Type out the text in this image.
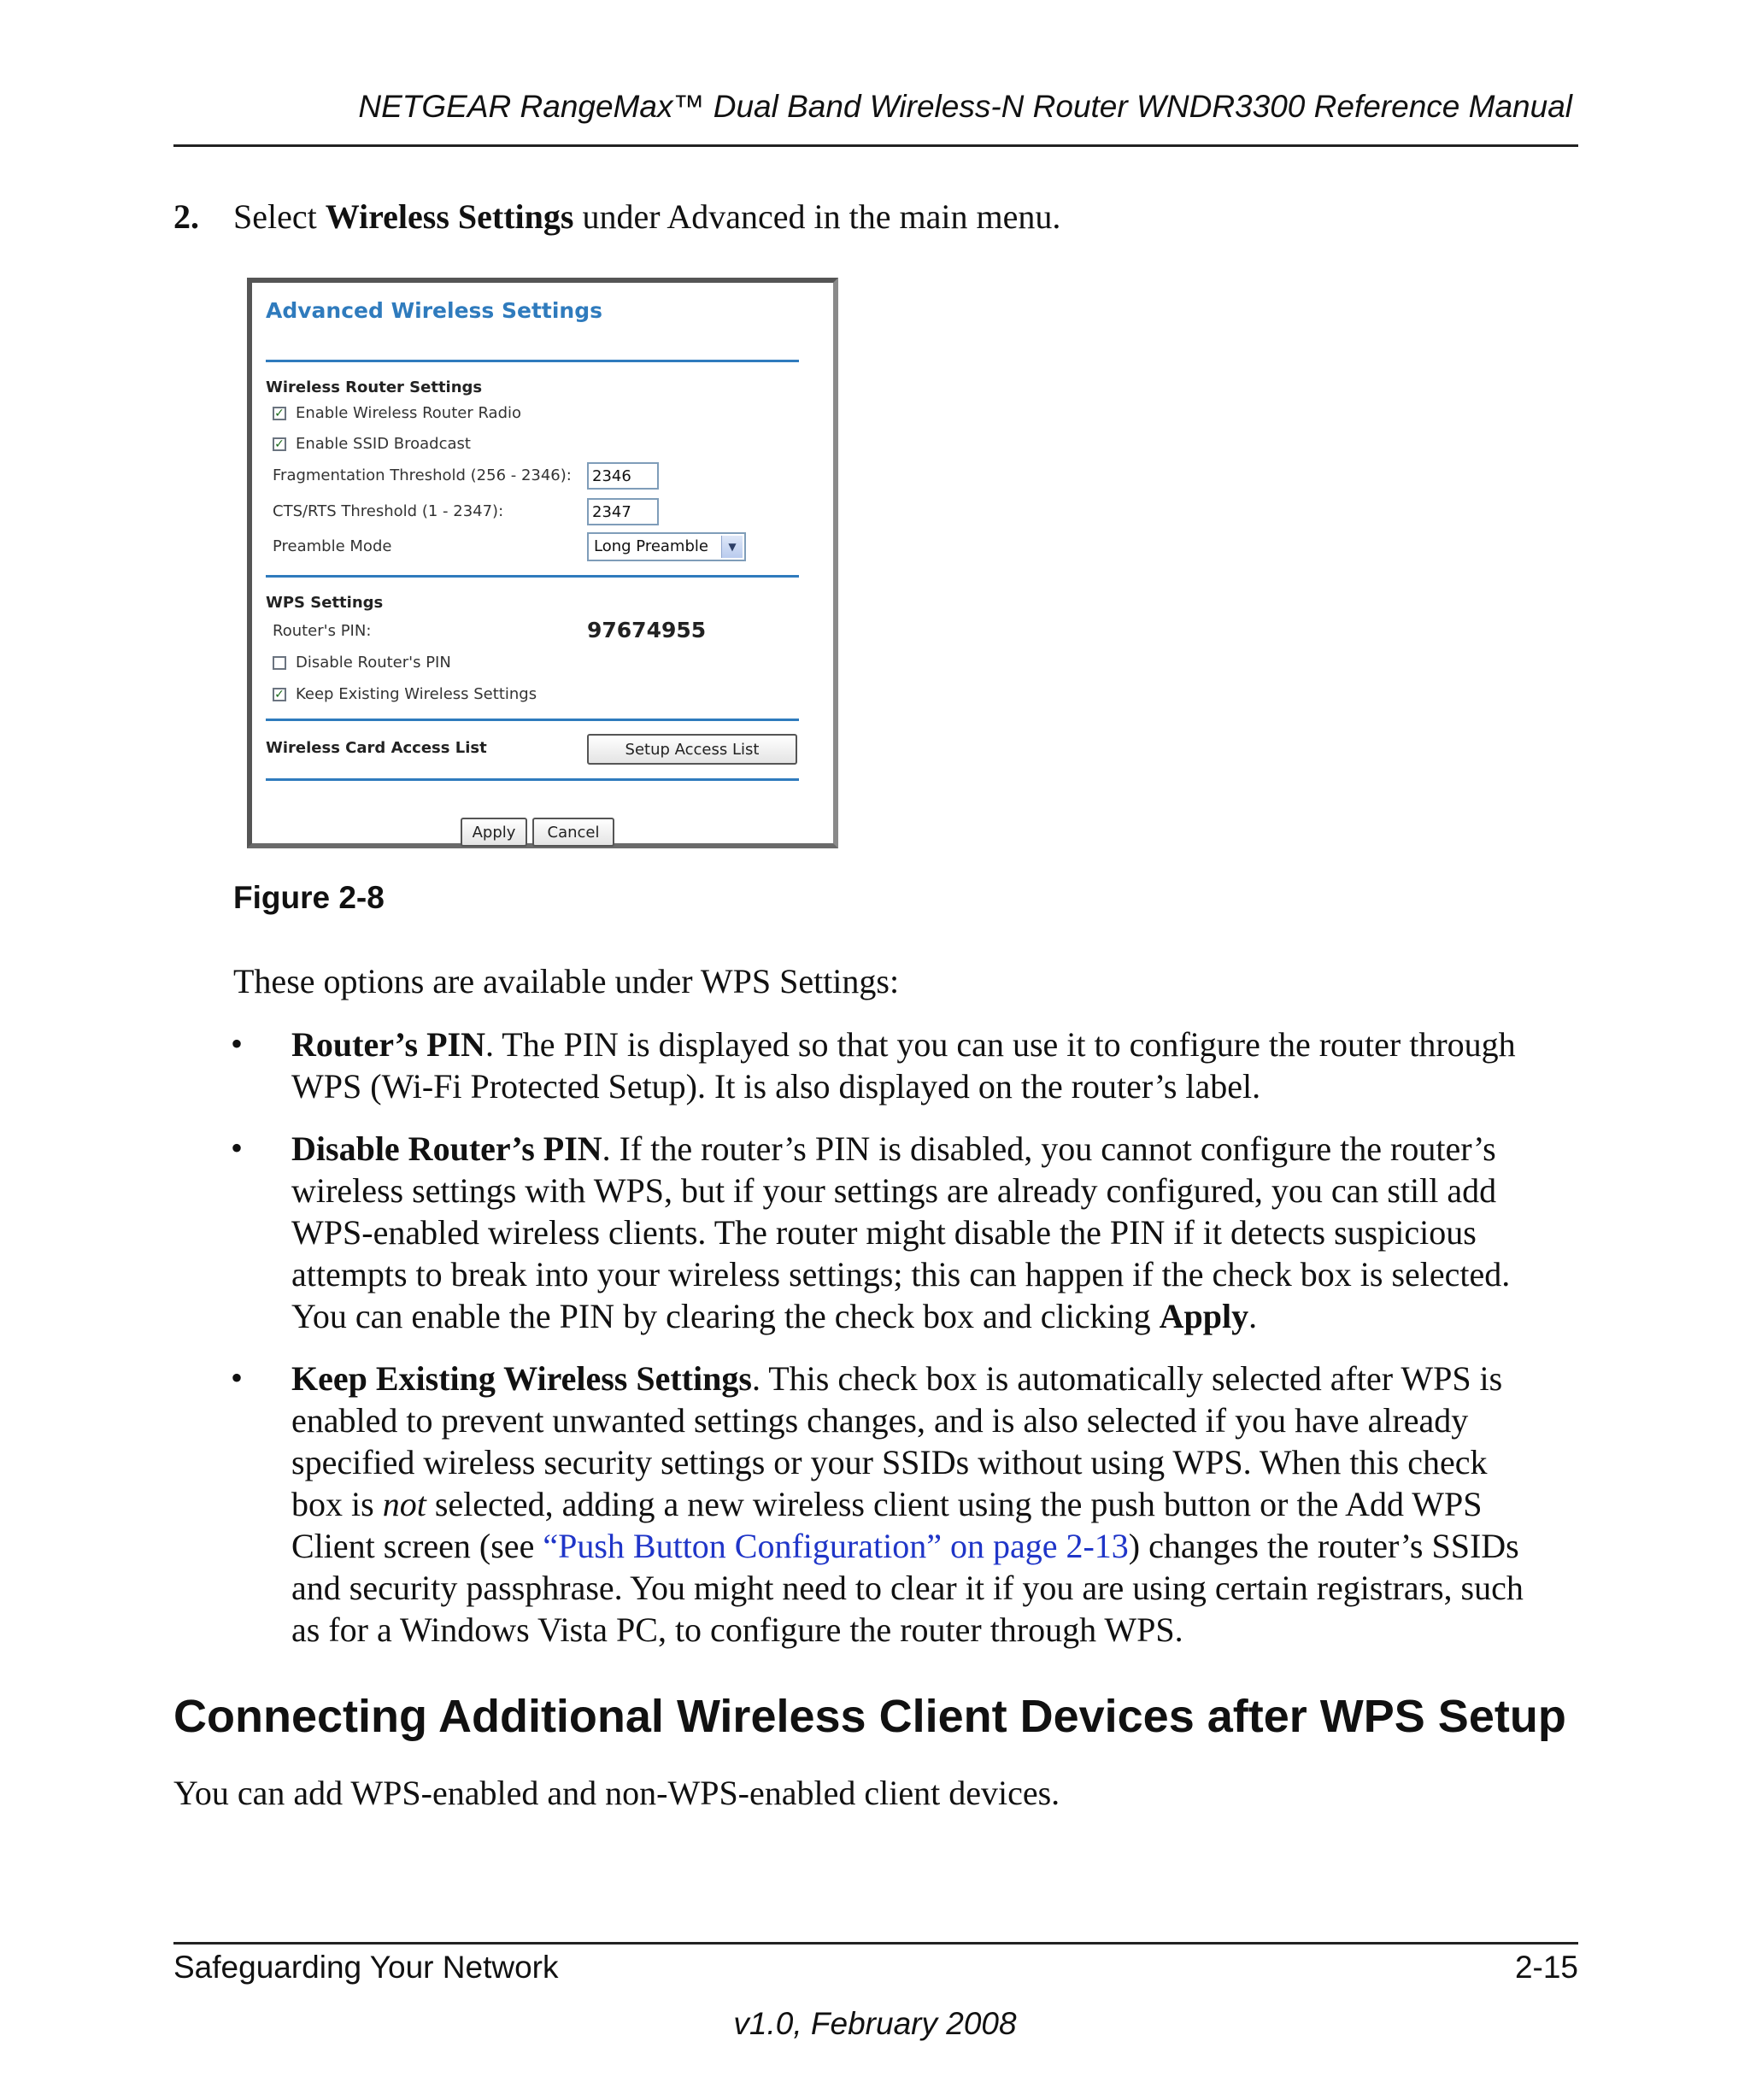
NETGEAR RangeMax™ Dual Band Wireless-N Router WNDR3300 Reference Manual
2. Select Wireless Settings under Advanced in the main menu.
Advanced Wireless Settings
Wireless Router Settings
✓ Enable Wireless Router Radio
✓ Enable SSID Broadcast
Fragmentation Threshold (256 - 2346):
2346
CTS/RTS Threshold (1 - 2347):
2347
Preamble Mode	Long Preamble	▼
WPS Settings
Router's PIN:	97674955
Disable Router's PIN
✓ Keep Existing Wireless Settings
Wireless Card Access List	Setup Access List
Apply	Cancel
Figure 2-8
These options are available under WPS Settings:
• Router’s PIN. The PIN is displayed so that you can use it to configure the router through
WPS (Wi-Fi Protected Setup). It is also displayed on the router’s label.
• Disable Router’s PIN. If the router’s PIN is disabled, you cannot configure the router’s
wireless settings with WPS, but if your settings are already configured, you can still add
WPS-enabled wireless clients. The router might disable the PIN if it detects suspicious
attempts to break into your wireless settings; this can happen if the check box is selected.
You can enable the PIN by clearing the check box and clicking Apply.
• Keep Existing Wireless Settings. This check box is automatically selected after WPS is
enabled to prevent unwanted settings changes, and is also selected if you have already
specified wireless security settings or your SSIDs without using WPS. When this check
box is not selected, adding a new wireless client using the push button or the Add WPS
Client screen (see “Push Button Configuration” on page 2-13) changes the router’s SSIDs
and security passphrase. You might need to clear it if you are using certain registrars, such
as for a Windows Vista PC, to configure the router through WPS.
Connecting Additional Wireless Client Devices after WPS Setup
You can add WPS-enabled and non-WPS-enabled client devices.
Safeguarding Your Network	2-15
v1.0, February 2008
